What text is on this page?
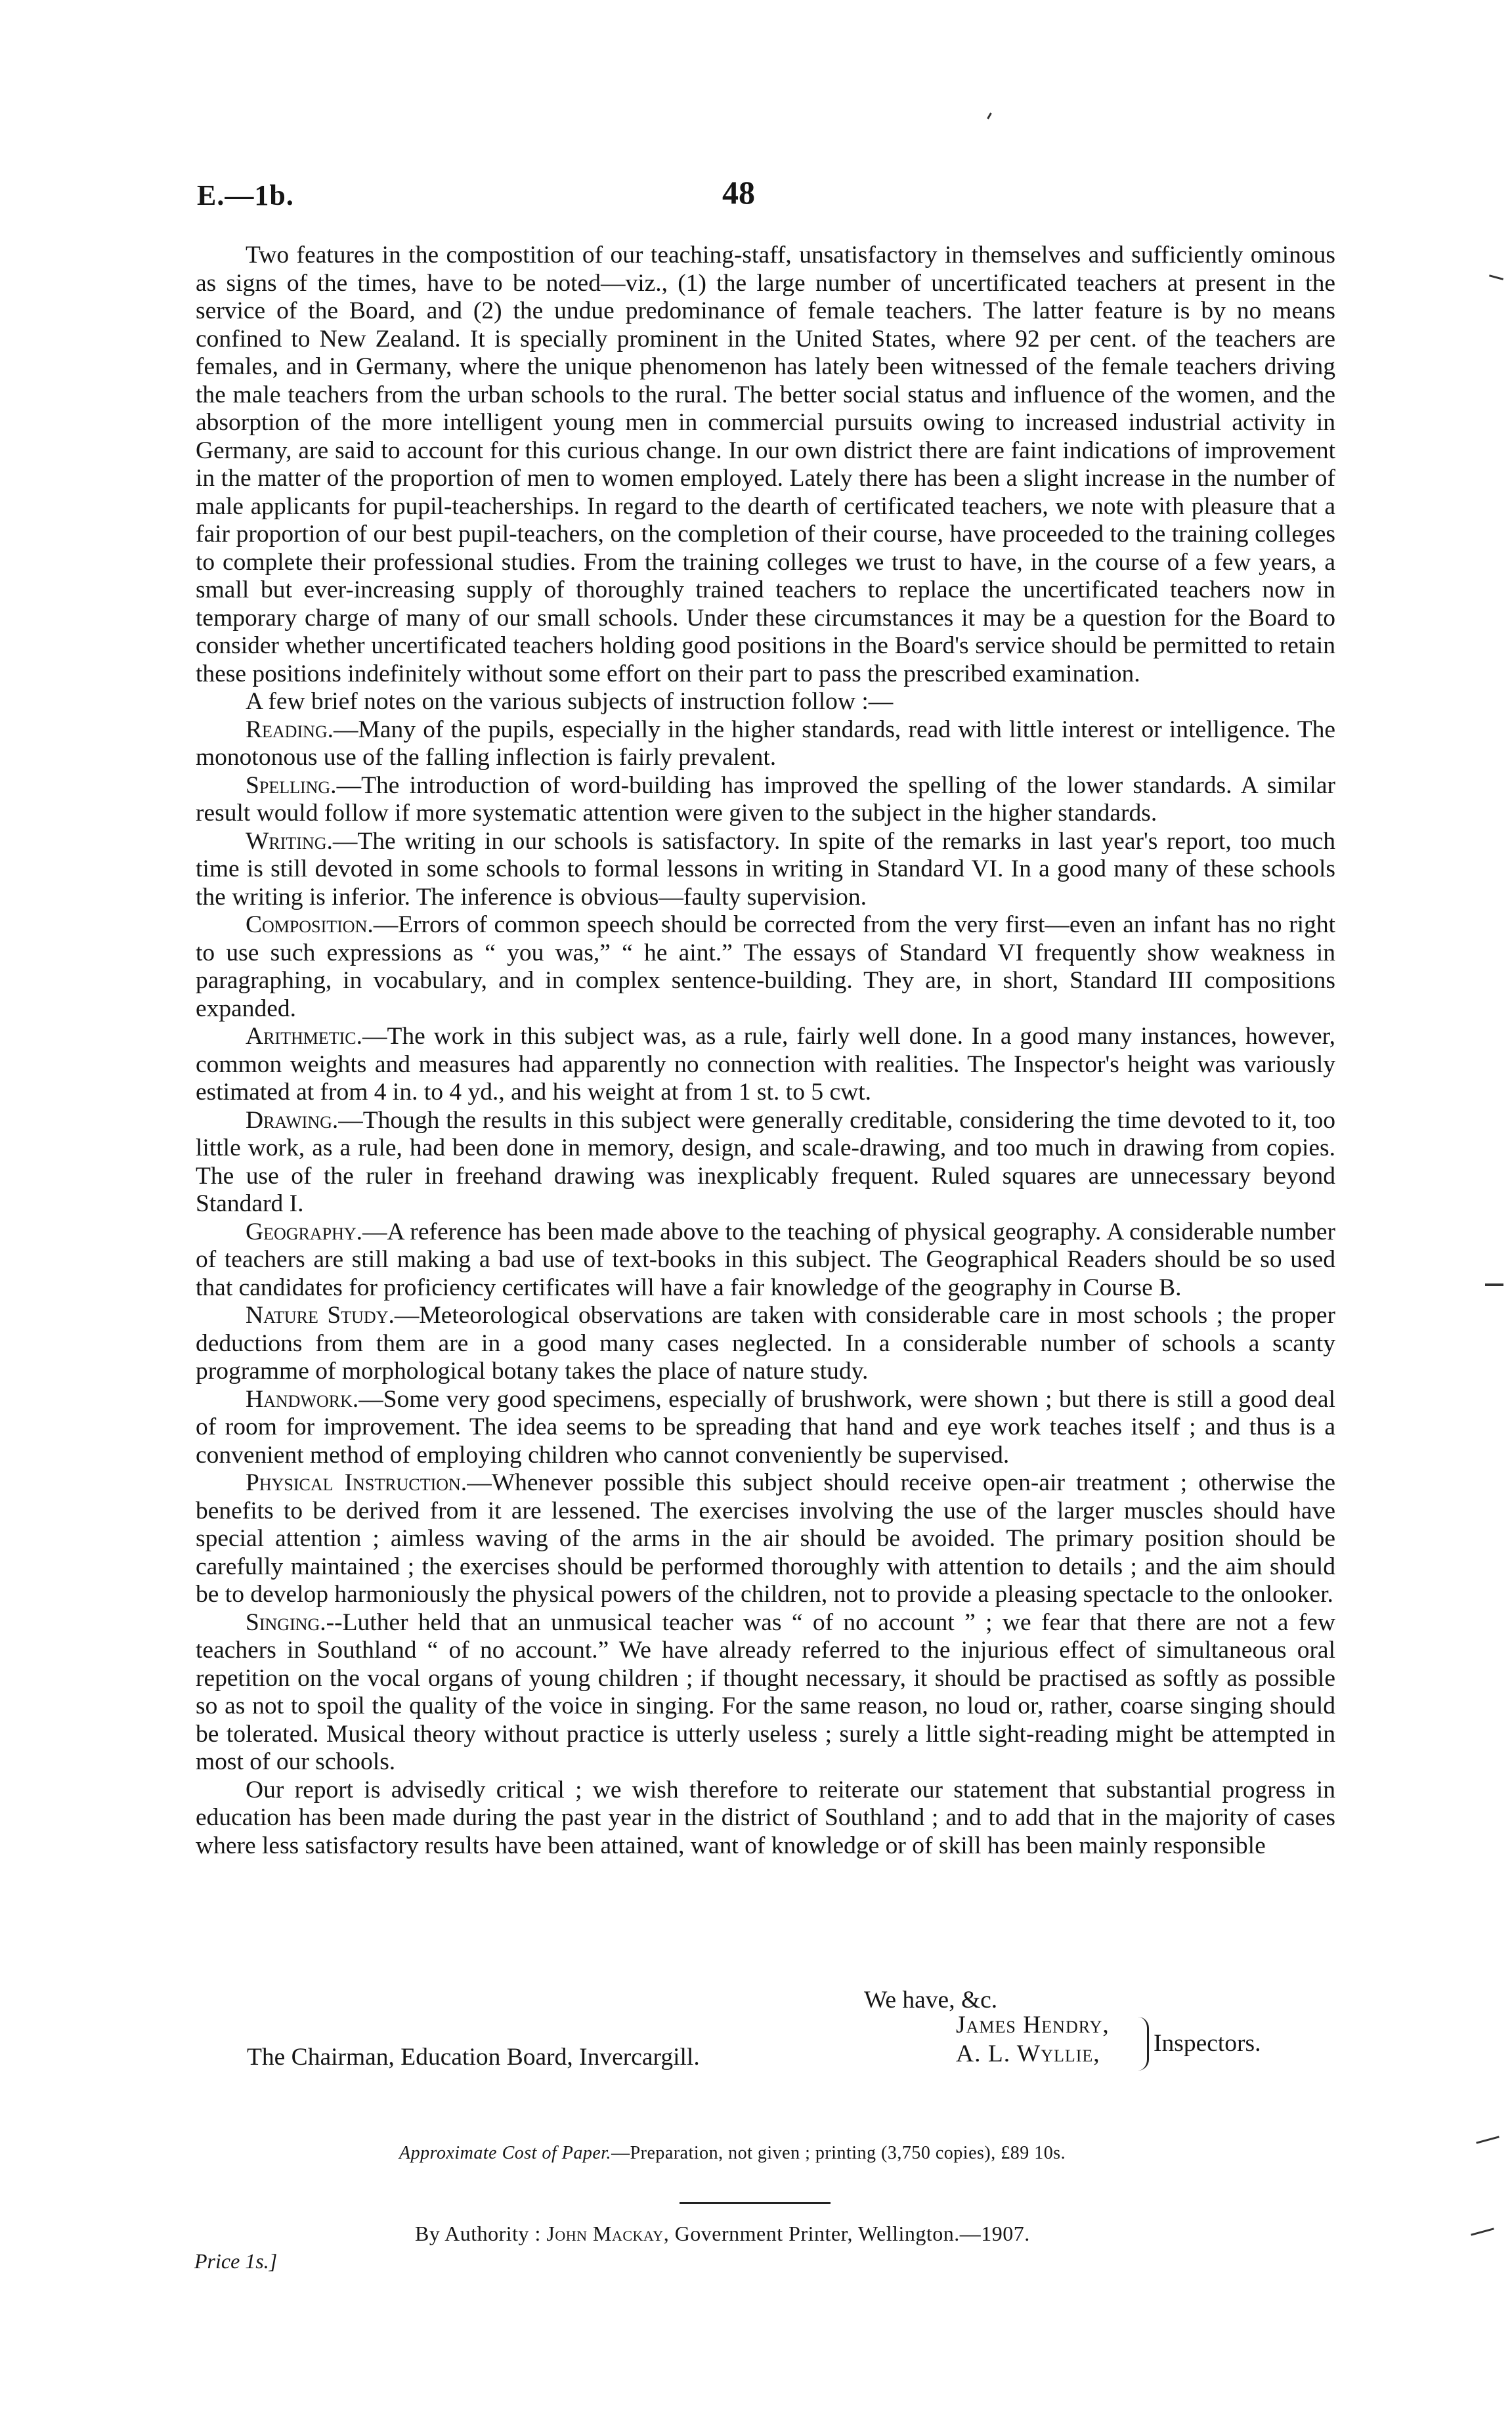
E.—1b.	48

Two features in the compostition of our teaching-staff, unsatisfactory in themselves and sufficiently ominous as signs of the times, have to be noted—viz., (1) the large number of uncertificated teachers at present in the service of the Board, and (2) the undue predominance of female teachers. The latter feature is by no means confined to New Zealand. It is specially prominent in the United States, where 92 per cent. of the teachers are females, and in Germany, where the unique phenomenon has lately been witnessed of the female teachers driving the male teachers from the urban schools to the rural. The better social status and influence of the women, and the absorption of the more intelligent young men in commercial pursuits owing to increased industrial activity in Germany, are said to account for this curious change. In our own district there are faint indications of improvement in the matter of the proportion of men to women employed. Lately there has been a slight increase in the number of male applicants for pupil-teacherships. In regard to the dearth of certificated teachers, we note with pleasure that a fair proportion of our best pupil-teachers, on the completion of their course, have proceeded to the training colleges to complete their professional studies. From the training colleges we trust to have, in the course of a few years, a small but ever-increasing supply of thoroughly trained teachers to replace the uncertificated teachers now in temporary charge of many of our small schools. Under these circumstances it may be a question for the Board to consider whether uncertificated teachers holding good positions in the Board's service should be permitted to retain these positions indefinitely without some effort on their part to pass the prescribed examination.

A few brief notes on the various subjects of instruction follow :—

Reading.—Many of the pupils, especially in the higher standards, read with little interest or intelligence. The monotonous use of the falling inflection is fairly prevalent.

Spelling.—The introduction of word-building has improved the spelling of the lower standards. A similar result would follow if more systematic attention were given to the subject in the higher standards.

Writing.—The writing in our schools is satisfactory. In spite of the remarks in last year's report, too much time is still devoted in some schools to formal lessons in writing in Standard VI. In a good many of these schools the writing is inferior. The inference is obvious—faulty supervision.

Composition.—Errors of common speech should be corrected from the very first—even an infant has no right to use such expressions as “ you was,” “ he aint.” The essays of Standard VI frequently show weakness in paragraphing, in vocabulary, and in complex sentence-building. They are, in short, Standard III compositions expanded.

Arithmetic.—The work in this subject was, as a rule, fairly well done. In a good many instances, however, common weights and measures had apparently no connection with realities. The Inspector's height was variously estimated at from 4 in. to 4 yd., and his weight at from 1 st. to 5 cwt.

Drawing.—Though the results in this subject were generally creditable, considering the time devoted to it, too little work, as a rule, had been done in memory, design, and scale-drawing, and too much in drawing from copies. The use of the ruler in freehand drawing was inexplicably frequent. Ruled squares are unnecessary beyond Standard I.

Geography.—A reference has been made above to the teaching of physical geography. A considerable number of teachers are still making a bad use of text-books in this subject. The Geographical Readers should be so used that candidates for proficiency certificates will have a fair knowledge of the geography in Course B.

Nature Study.—Meteorological observations are taken with considerable care in most schools ; the proper deductions from them are in a good many cases neglected. In a considerable number of schools a scanty programme of morphological botany takes the place of nature study.

Handwork.—Some very good specimens, especially of brushwork, were shown ; but there is still a good deal of room for improvement. The idea seems to be spreading that hand and eye work teaches itself ; and thus is a convenient method of employing children who cannot conveniently be supervised.

Physical Instruction.—Whenever possible this subject should receive open-air treatment ; otherwise the benefits to be derived from it are lessened. The exercises involving the use of the larger muscles should have special attention ; aimless waving of the arms in the air should be avoided. The primary position should be carefully maintained ; the exercises should be performed thoroughly with attention to details ; and the aim should be to develop harmoniously the physical powers of the children, not to provide a pleasing spectacle to the onlooker.

Singing.--Luther held that an unmusical teacher was “ of no account ” ; we fear that there are not a few teachers in Southland “ of no account.” We have already referred to the injurious effect of simultaneous oral repetition on the vocal organs of young children ; if thought necessary, it should be practised as softly as possible so as not to spoil the quality of the voice in singing. For the same reason, no loud or, rather, coarse singing should be tolerated. Musical theory without practice is utterly useless ; surely a little sight-reading might be attempted in most of our schools.

Our report is advisedly critical ; we wish therefore to reiterate our statement that substantial progress in education has been made during the past year in the district of Southland ; and to add that in the majority of cases where less satisfactory results have been attained, want of knowledge or of skill has been mainly responsible

We have, &c.
The Chairman, Education Board, Invercargill.
James Hendry,
A. L. Wyllie,	Inspectors.
Approximate Cost of Paper.—Preparation, not given ; printing (3,750 copies), £89 10s.
By Authority : John Mackay, Government Printer, Wellington.—1907.
Price 1s.]
